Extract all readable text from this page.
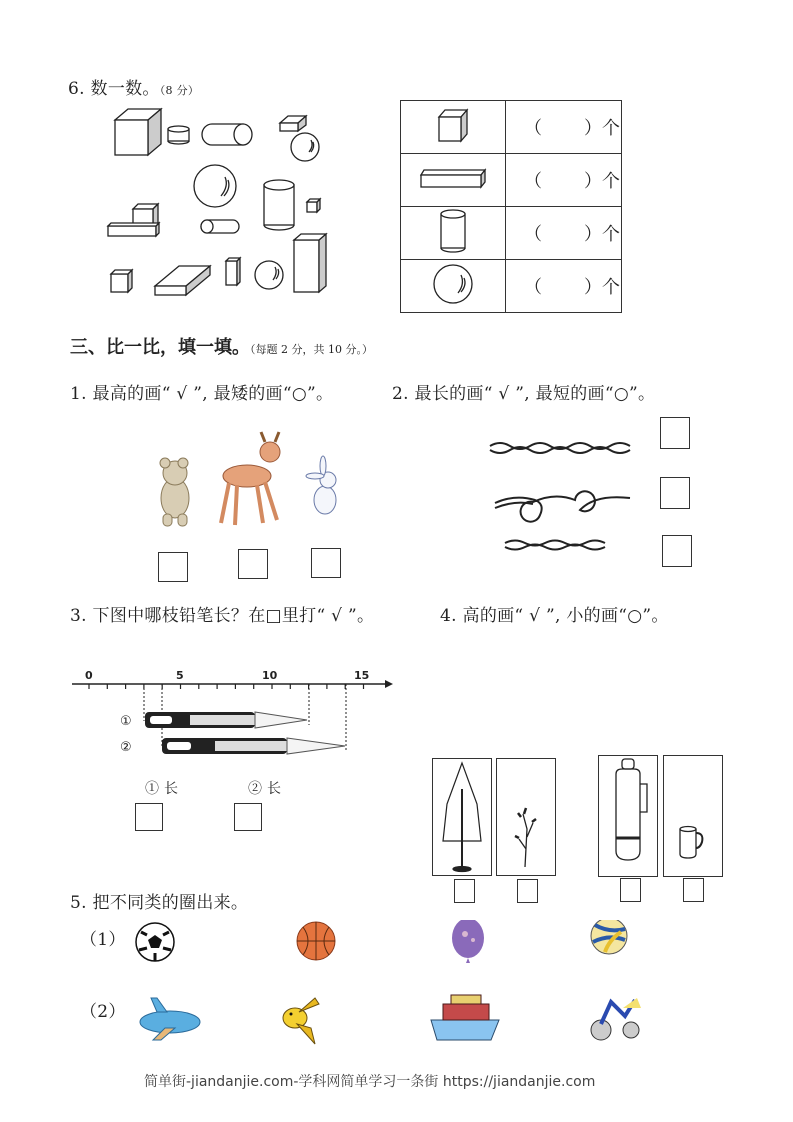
6. 数一数。（8 分）
	（ ）个
	（ ）个
	（ ）个
	（ ）个
三、比一比，填一填。（每题 2 分，共 10 分。）
1. 最高的画“ √ ”, 最矮的画“○”。	2. 最长的画“ √ ”, 最短的画“○”。
3. 下图中哪枝铅笔长？在□里打“ √ ”。	4. 高的画“ √ ”, 小的画“○”。
0	5	10	15
①
②
① 长	② 长
5. 把不同类的圈出来。
（1）
（2）
简单街-jiandanjie.com-学科网简单学习一条街 https://jiandanjie.com
